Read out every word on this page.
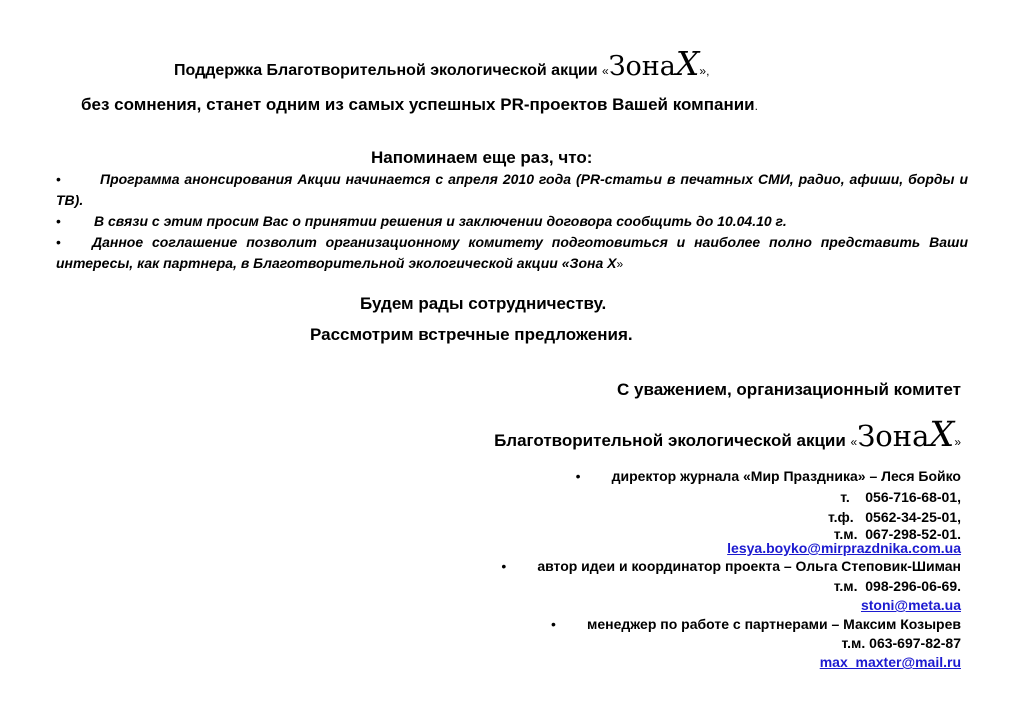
Поддержка Благотворительной экологической акции «ЗонаX»,
без сомнения, станет одним из самых успешных PR-проектов Вашей компании.
Напоминаем еще раз, что:
•	Программа анонсирования Акции начинается с апреля 2010 года (PR-статьи в печатных СМИ, радио, афиши, борды и ТВ).
• В связи с этим просим Вас о принятии решения и заключении договора сообщить до 10.04.10 г.
• Данное соглашение позволит организационному комитету подготовиться и наиболее полно представить Ваши интересы, как партнера, в Благотворительной экологической акции «Зона Х»
Будем рады сотрудничеству.
Рассмотрим встречные предложения.
С уважением, организационный комитет
Благотворительной экологической акции «ЗонаX»
• директор журнала «Мир Праздника» – Леся Бойко
т.    056-716-68-01,
т.ф.   0562-34-25-01,
т.м.  067-298-52-01.
lesya.boyko@mirprazdnika.com.ua
• автор идеи и координатор проекта – Ольга Степовик-Шиман
т.м.  098-296-06-69.
stoni@meta.ua
• менеджер по работе с партнерами – Максим Козырев
т.м. 063-697-82-87
max_maxter@mail.ru
